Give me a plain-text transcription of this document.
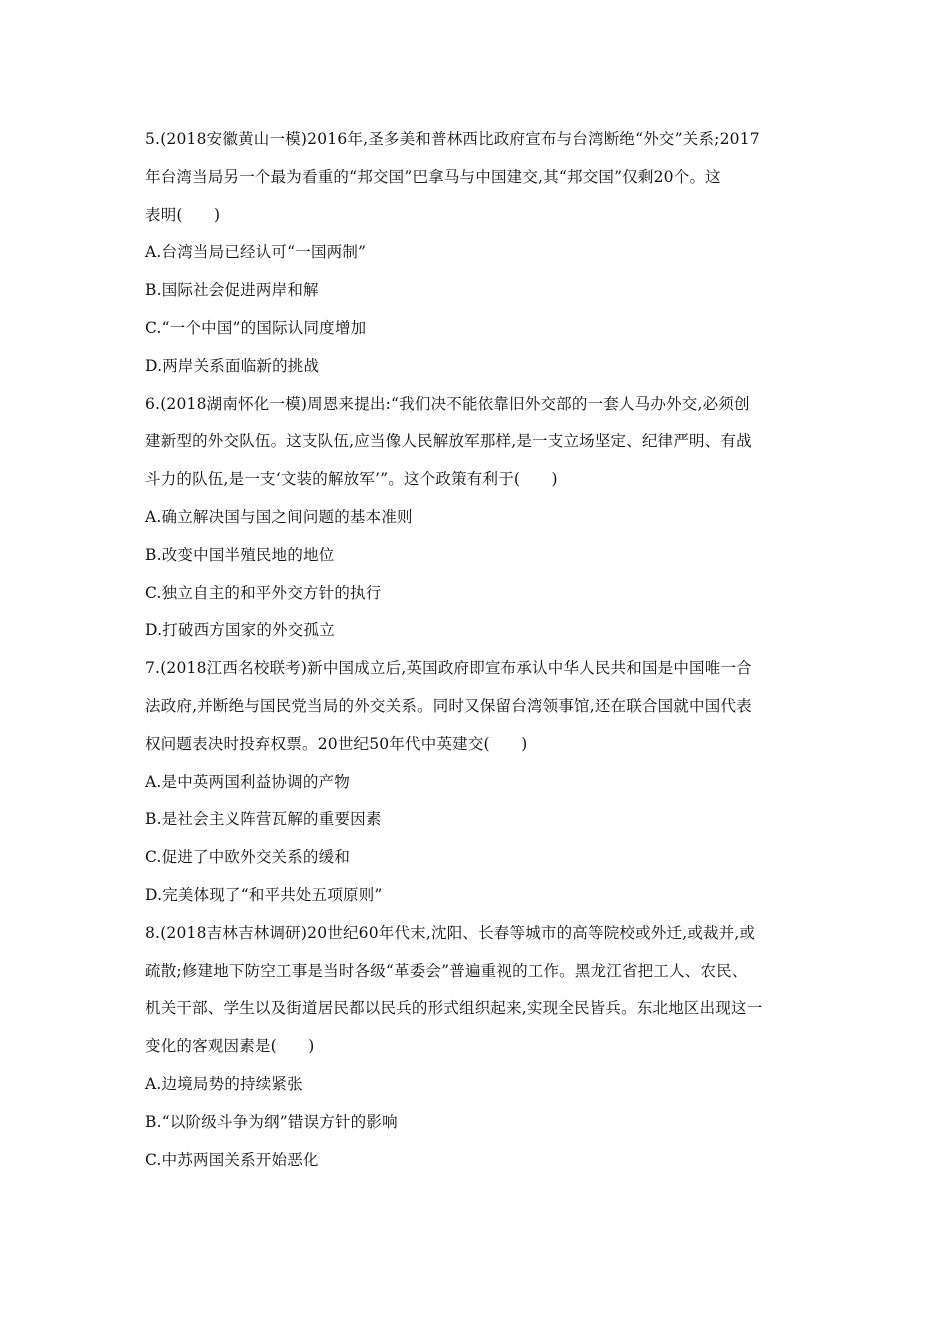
5.(2018安徽黄山一模)2016年,圣多美和普林西比政府宣布与台湾断绝“外交”关系;2017

年台湾当局另一个最为看重的“邦交国”巴拿马与中国建交,其“邦交国”仅剩20个。这

表明(　　)

A.台湾当局已经认可“一国两制”

B.国际社会促进两岸和解

C.“一个中国”的国际认同度增加

D.两岸关系面临新的挑战

6.(2018湖南怀化一模)周恩来提出:“我们决不能依靠旧外交部的一套人马办外交,必须创

建新型的外交队伍。这支队伍,应当像人民解放军那样,是一支立场坚定、纪律严明、有战

斗力的队伍,是一支‘文装的解放军’”。这个政策有利于(　　)

A.确立解决国与国之间问题的基本准则

B.改变中国半殖民地的地位

C.独立自主的和平外交方针的执行

D.打破西方国家的外交孤立

7.(2018江西名校联考)新中国成立后,英国政府即宣布承认中华人民共和国是中国唯一合

法政府,并断绝与国民党当局的外交关系。同时又保留台湾领事馆,还在联合国就中国代表

权问题表决时投弃权票。20世纪50年代中英建交(　　)

A.是中英两国利益协调的产物

B.是社会主义阵营瓦解的重要因素

C.促进了中欧外交关系的缓和

D.完美体现了“和平共处五项原则”

8.(2018吉林吉林调研)20世纪60年代末,沈阳、长春等城市的高等院校或外迁,或裁并,或

疏散;修建地下防空工事是当时各级“革委会”普遍重视的工作。黑龙江省把工人、农民、

机关干部、学生以及街道居民都以民兵的形式组织起来,实现全民皆兵。东北地区出现这一

变化的客观因素是(　　)

A.边境局势的持续紧张

B.“以阶级斗争为纲”错误方针的影响

C.中苏两国关系开始恶化
